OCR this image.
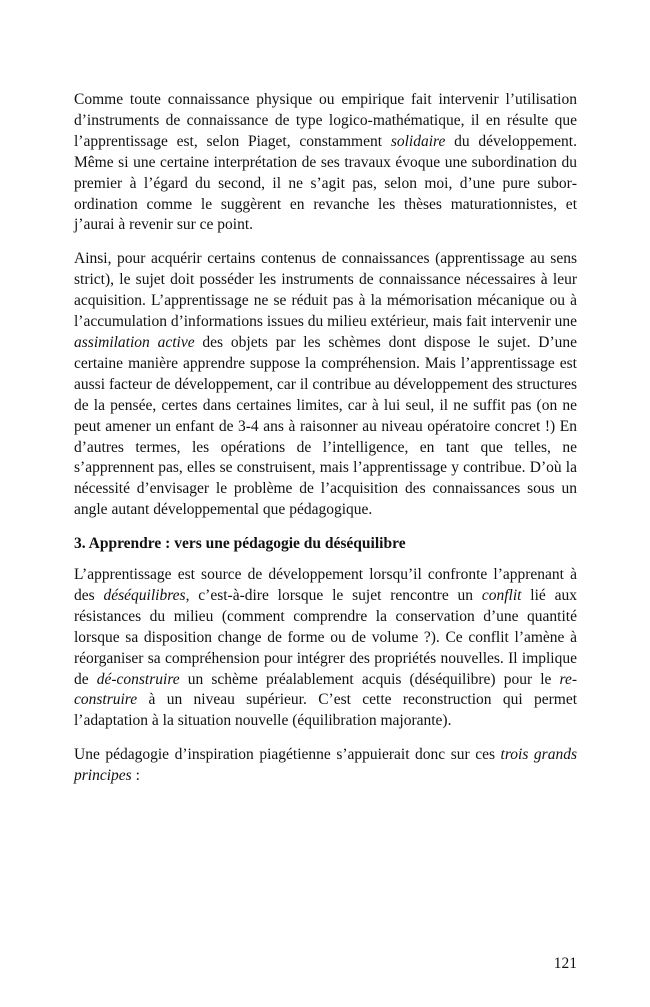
Comme toute connaissance physique ou empirique fait intervenir l’utilisation d’instruments de connaissance de type logico-mathématique, il en résulte que l’apprentissage est, selon Piaget, constamment solidaire du développement. Même si une certaine interprétation de ses travaux évoque une subordination du premier à l’égard du second, il ne s’agit pas, selon moi, d’une pure suborordination comme le suggèrent en revanche les thèses maturationnistes, et j’aurai à revenir sur ce point.

Ainsi, pour acquérir certains contenus de connaissances (apprentissage au sens strict), le sujet doit posséder les instruments de connaissance nécessaires à leur acquisition. L’apprentissage ne se réduit pas à la mémorisation mécanique ou à l’accumulation d’informations issues du milieu extérieur, mais fait intervenir une assimilation active des objets par les schèmes dont dispose le sujet. D’une certaine manière apprendre suppose la compréhension. Mais l’apprentissage est aussi facteur de développement, car il contribue au développement des structures de la pensée, certes dans certaines limites, car à lui seul, il ne suffit pas (on ne peut amener un enfant de 3-4 ans à raisonner au niveau opératoire concret !) En d’autres termes, les opérations de l’intelligence, en tant que telles, ne s’apprennent pas, elles se construisent, mais l’apprentissage y contribue. D’où la nécessité d’envisager le problème de l’acquisition des connaissances sous un angle autant développemental que pédagogique.

3. Apprendre : vers une pédagogie du déséquilibre

L’apprentissage est source de développement lorsqu’il confronte l’apprenant à des déséquilibres, c’est-à-dire lorsque le sujet rencontre un conflit lié aux résistances du milieu (comment comprendre la conservation d’une quantité lorsque sa disposition change de forme ou de volume ?). Ce conflit l’amène à réorganiser sa compréhension pour intégrer des propriétés nouvelles. Il implique de dé-construire un schème préalablement acquis (déséquilibre) pour le re-construire à un niveau supérieur. C’est cette reconstruction qui permet l’adaptation à la situation nouvelle (équilibration majorante).

Une pédagogie d’inspiration piagétienne s’appuierait donc sur ces trois grands principes :

121
